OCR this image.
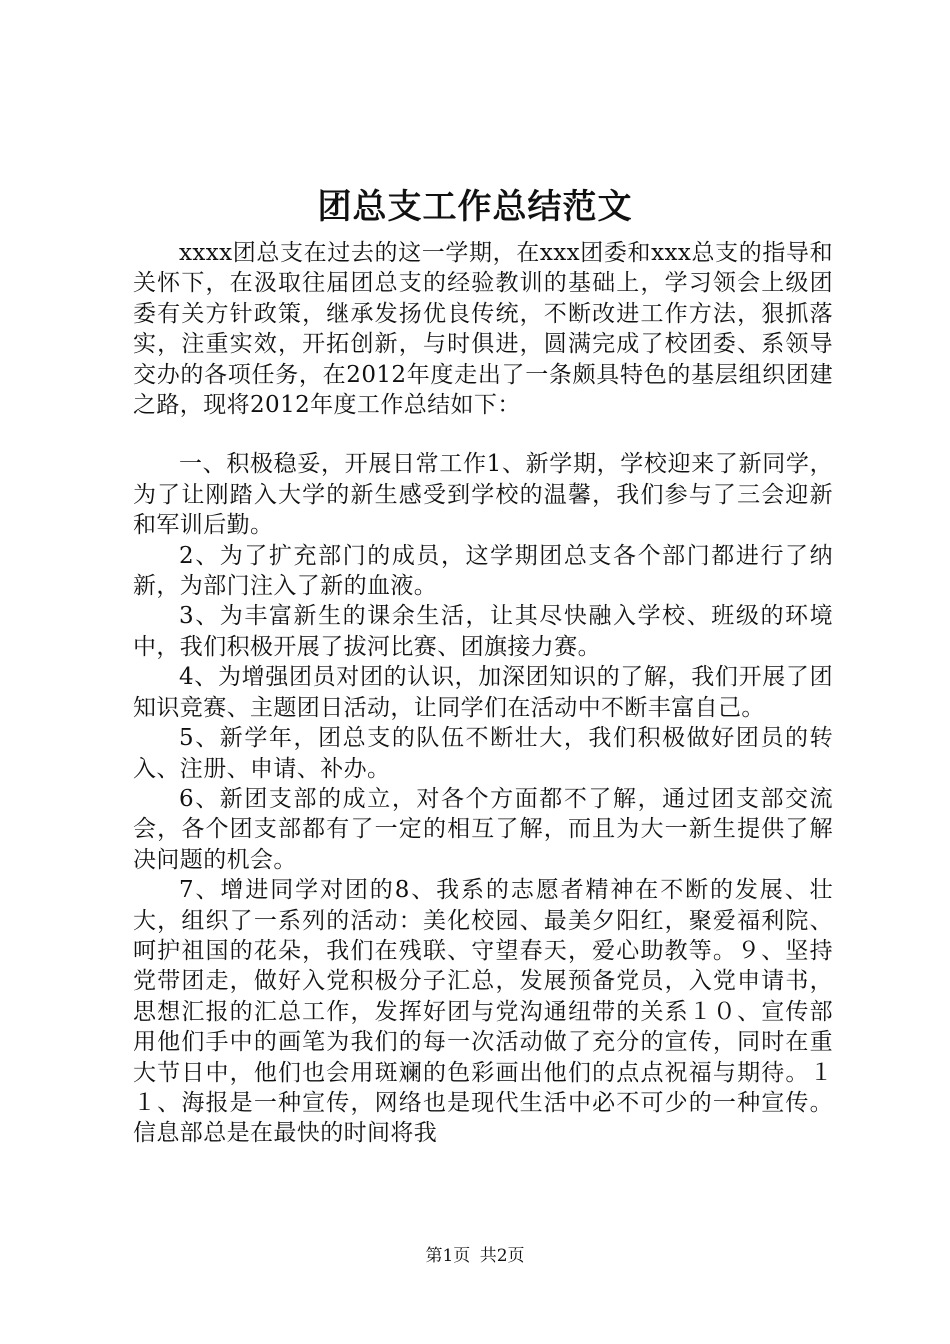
团总支工作总结范文

xxxx团总支在过去的这一学期，在xxx团委和xxx总支的指导和关怀下，在汲取往届团总支的经验教训的基础上，学习领会上级团委有关方针政策，继承发扬优良传统，不断改进工作方法，狠抓落实，注重实效，开拓创新，与时俱进，圆满完成了校团委、系领导交办的各项任务，在2012年度走出了一条颇具特色的基层组织团建之路，现将2012年度工作总结如下：

一、积极稳妥，开展日常工作1、新学期，学校迎来了新同学，为了让刚踏入大学的新生感受到学校的温馨，我们参与了三会迎新和军训后勤。

2、为了扩充部门的成员，这学期团总支各个部门都进行了纳新，为部门注入了新的血液。

3、为丰富新生的课余生活，让其尽快融入学校、班级的环境中，我们积极开展了拔河比赛、团旗接力赛。

4、为增强团员对团的认识，加深团知识的了解，我们开展了团知识竞赛、主题团日活动，让同学们在活动中不断丰富自己。

5、新学年，团总支的队伍不断壮大，我们积极做好团员的转入、注册、申请、补办。

6、新团支部的成立，对各个方面都不了解，通过团支部交流会，各个团支部都有了一定的相互了解，而且为大一新生提供了解决问题的机会。

7、增进同学对团的8、我系的志愿者精神在不断的发展、壮大，组织了一系列的活动：美化校园、最美夕阳红，聚爱福利院、呵护祖国的花朵，我们在残联、守望春天，爱心助教等。９、坚持党带团走，做好入党积极分子汇总，发展预备党员，入党申请书，思想汇报的汇总工作，发挥好团与党沟通纽带的关系１０、宣传部用他们手中的画笔为我们的每一次活动做了充分的宣传，同时在重大节日中，他们也会用斑斓的色彩画出他们的点点祝福与期待。１１、海报是一种宣传，网络也是现代生活中必不可少的一种宣传。信息部总是在最快的时间将我

第1页 共2页
